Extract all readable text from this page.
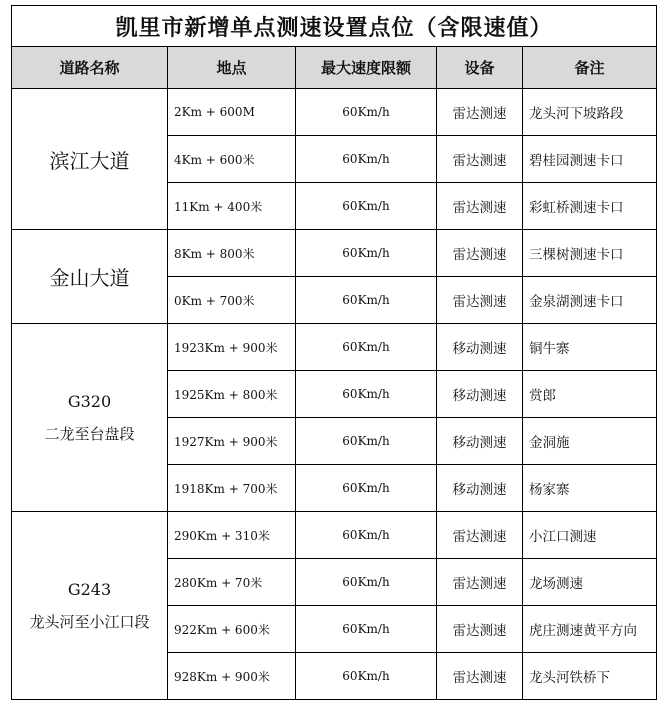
凯里市新增单点测速设置点位（含限速值）				
道路名称	地点	最大速度限额	设备	备注

滨江大道	2Km + 600M	60Km/h	雷达测速	龙头河下坡路段
	4Km + 600米	60Km/h	雷达测速	碧桂园测速卡口
	11Km + 400米	60Km/h	雷达测速	彩虹桥测速卡口

金山大道	8Km + 800米	60Km/h	雷达测速	三棵树测速卡口
	0Km + 700米	60Km/h	雷达测速	金泉湖测速卡口

G320
二龙至台盘段	1923Km + 900米	60Km/h	移动测速	铜牛寨
	1925Km + 800米	60Km/h	移动测速	赏郎
	1927Km + 900米	60Km/h	移动测速	金洞施
	1918Km + 700米	60Km/h	移动测速	杨家寨

G243
龙头河至小江口段	290Km + 310米	60Km/h	雷达测速	小江口测速
	280Km + 70米	60Km/h	雷达测速	龙场测速
	922Km + 600米	60Km/h	雷达测速	虎庄测速黄平方向
	928Km + 900米	60Km/h	雷达测速	龙头河铁桥下
